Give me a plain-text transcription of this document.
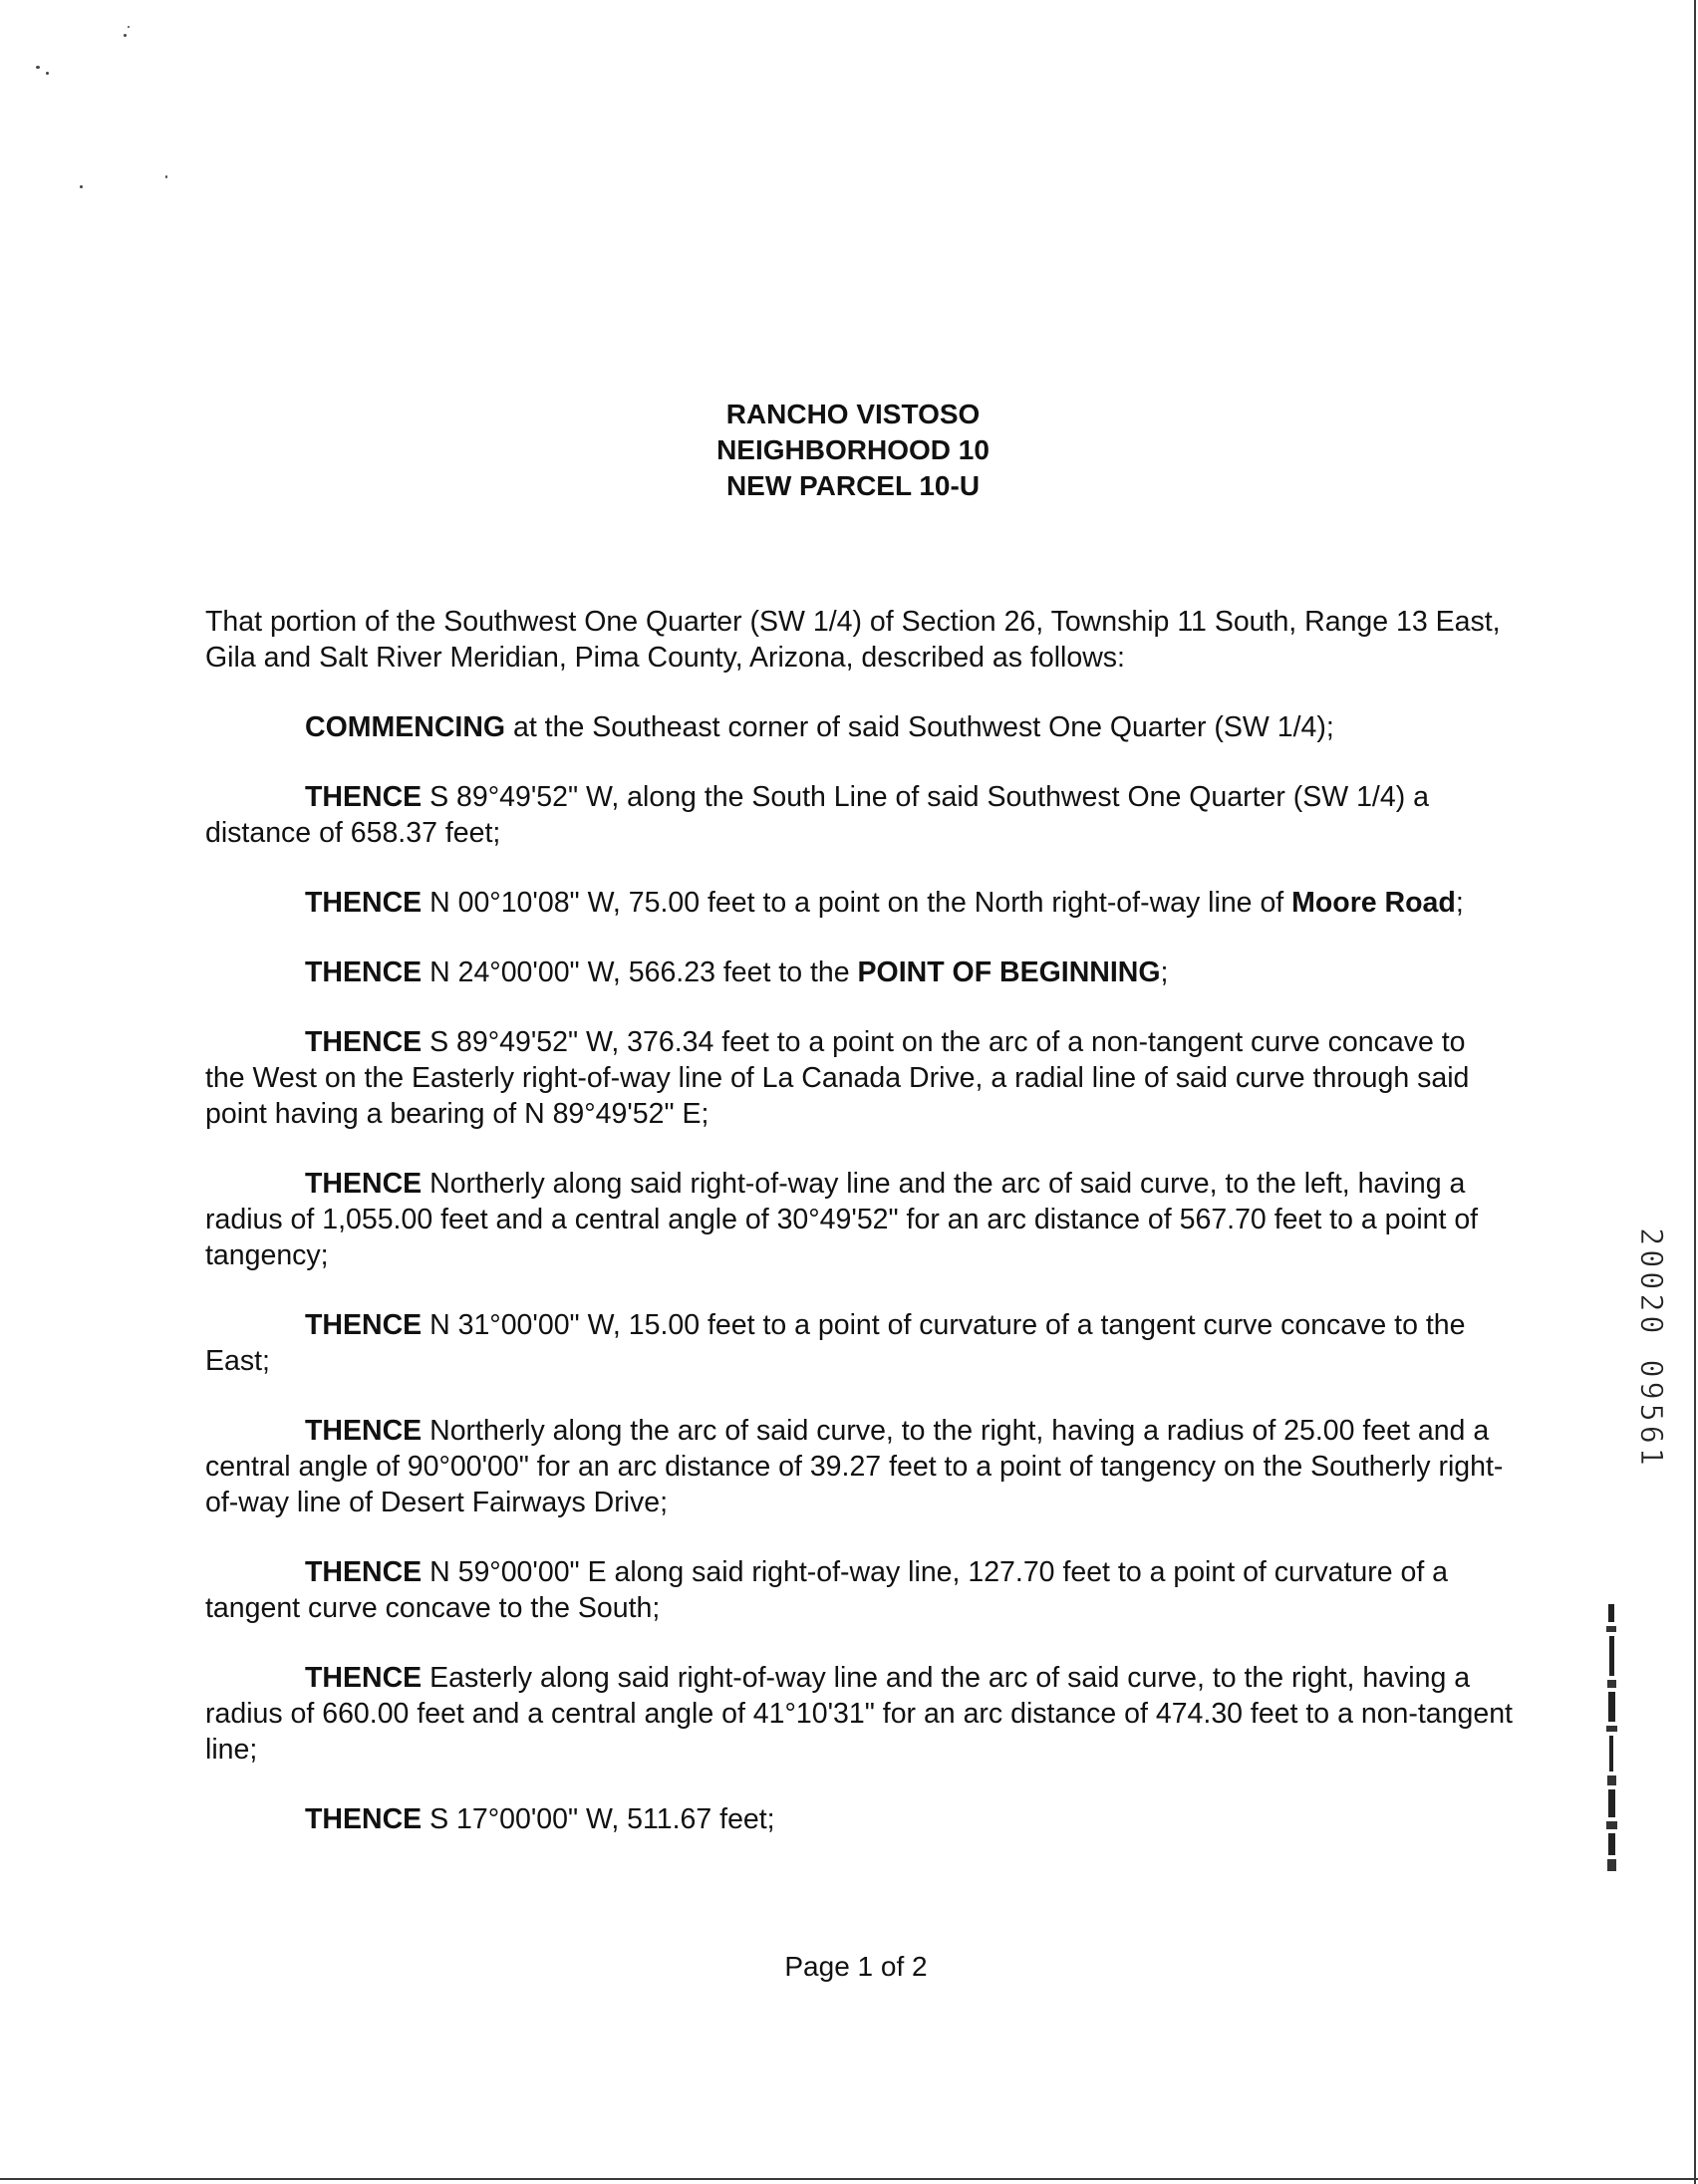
RANCHO VISTOSO
NEIGHBORHOOD 10
NEW PARCEL 10-U

That portion of the Southwest One Quarter (SW 1/4) of Section 26, Township 11 South, Range 13 East, Gila and Salt River Meridian, Pima County, Arizona, described as follows:

COMMENCING at the Southeast corner of said Southwest One Quarter (SW 1/4);

THENCE S 89°49'52" W, along the South Line of said Southwest One Quarter (SW 1/4) a distance of 658.37 feet;

THENCE N 00°10'08" W, 75.00 feet to a point on the North right-of-way line of Moore Road;

THENCE N 24°00'00" W, 566.23 feet to the POINT OF BEGINNING;

THENCE S 89°49'52" W, 376.34 feet to a point on the arc of a non-tangent curve concave to the West on the Easterly right-of-way line of La Canada Drive, a radial line of said curve through said point having a bearing of N 89°49'52" E;

THENCE Northerly along said right-of-way line and the arc of said curve, to the left, having a radius of 1,055.00 feet and a central angle of 30°49'52" for an arc distance of 567.70 feet to a point of tangency;

THENCE N 31°00'00" W, 15.00 feet to a point of curvature of a tangent curve concave to the East;

THENCE Northerly along the arc of said curve, to the right, having a radius of 25.00 feet and a central angle of 90°00'00" for an arc distance of 39.27 feet to a point of tangency on the Southerly right-of-way line of Desert Fairways Drive;

THENCE N 59°00'00" E along said right-of-way line, 127.70 feet to a point of curvature of a tangent curve concave to the South;

THENCE Easterly along said right-of-way line and the arc of said curve, to the right, having a radius of 660.00 feet and a central angle of 41°10'31" for an arc distance of 474.30 feet to a non-tangent line;

THENCE S 17°00'00" W, 511.67 feet;

Page 1 of 2
20020 09561
